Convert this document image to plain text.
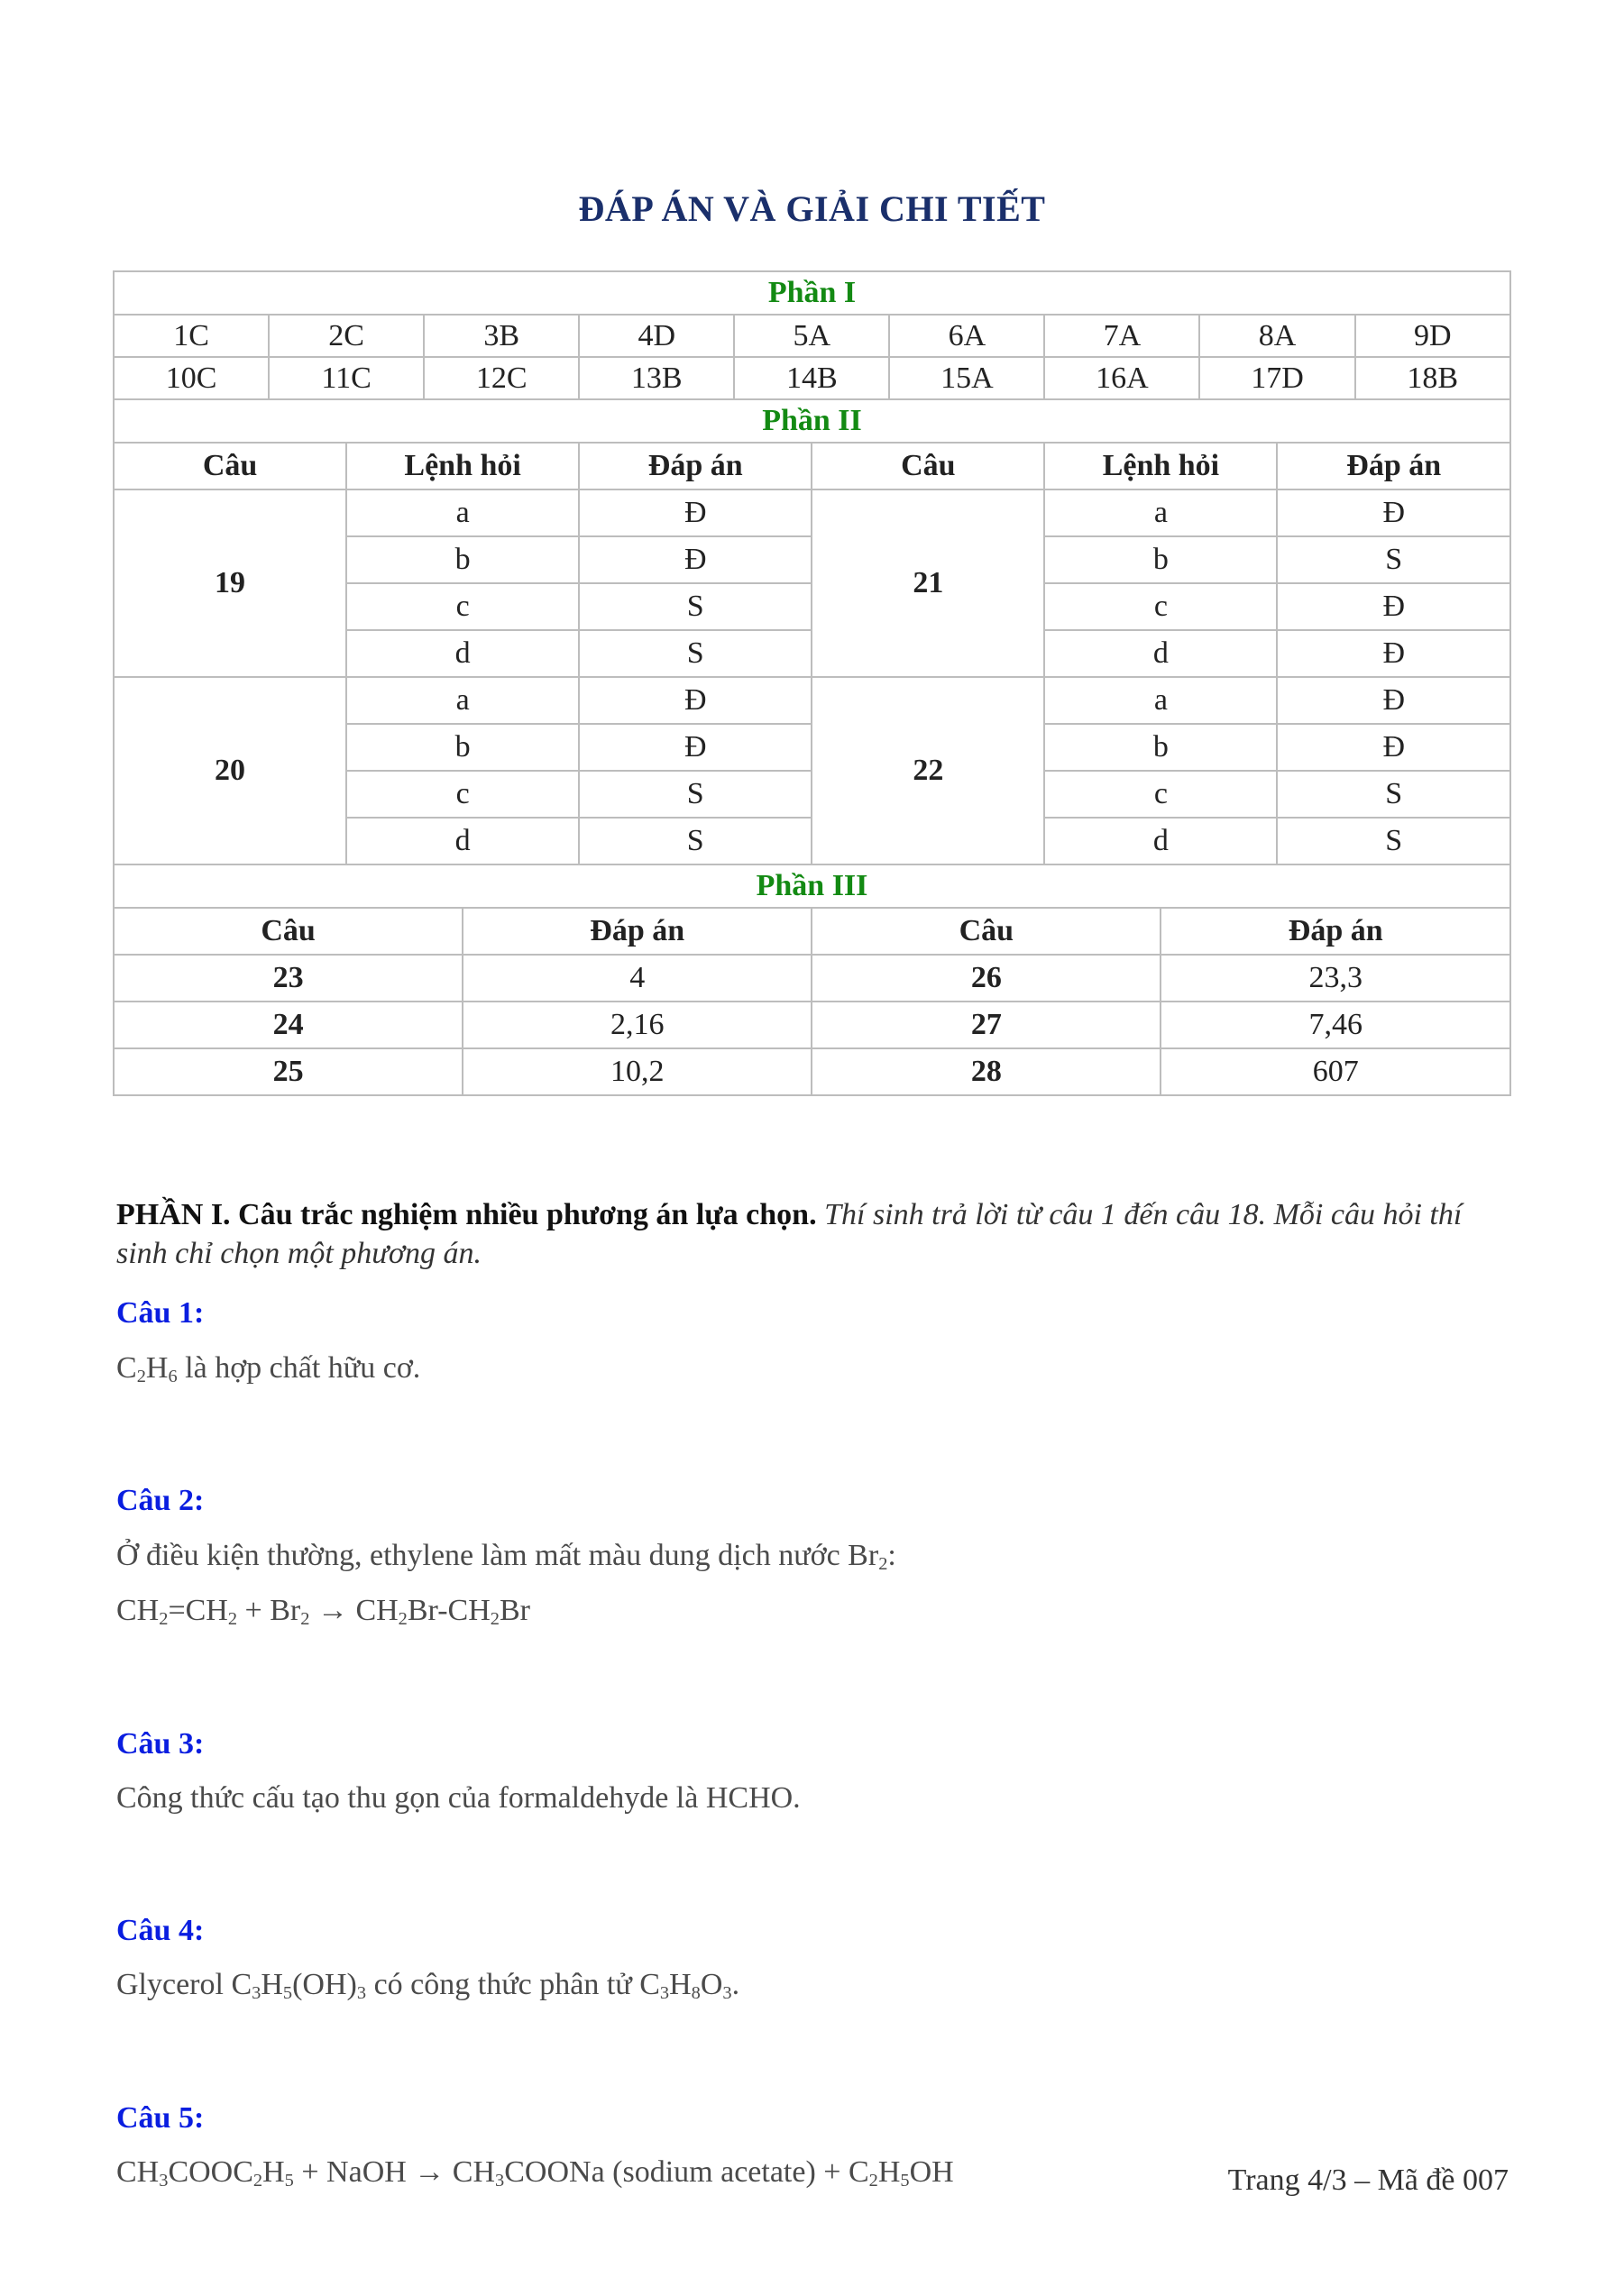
ĐÁP ÁN VÀ GIẢI CHI TIẾT
Phần I													
1C	2C		3B		4D	5A		6A	7A		8A		9D
10C	11C		12C		13B	14B		15A	16A		17D		18B
Phần II													
Câu		Lệnh hỏi			Đáp án		Câu		Lệnh hỏi			Đáp án	
19		a			Đ		21		a			Đ	
		b			Đ				b			S	
		c			S				c			Đ	
		d			S				d			Đ	
20		a			Đ		22		a			Đ	
		b			Đ				b			Đ	
		c			S				c			S	
		d			S				d			S	
Phần III													
Câu				Đáp án			Câu			Đáp án			
23				4			26			23,3			
24				2,16			27			7,46			
25				10,2			28			607			

PHẦN I. Câu trắc nghiệm nhiều phương án lựa chọn. Thí sinh trả lời từ câu 1 đến câu 18. Mỗi câu hỏi thí sinh chỉ chọn một phương án.

Câu 1:

$C_2H_6$ là hợp chất hữu cơ.

Câu 2:

Ở điều kiện thường, ethylene làm mất màu dung dịch nước $Br_2$:

$CH_2=CH_2 + Br_2 \to CH_2Br-CH_2Br$

Câu 3:

Công thức cấu tạo thu gọn của formaldehyde là HCHO.

Câu 4:

Glycerol $C_3H_5(OH)_3$ có công thức phân tử $C_3H_8O_3$.

Câu 5:

$CH_3COOC_2H_5$ + NaOH → $CH_3COONa$ (sodium acetate) + $C_2H_5OH$	Trang 4/3 – Mã đề 007
